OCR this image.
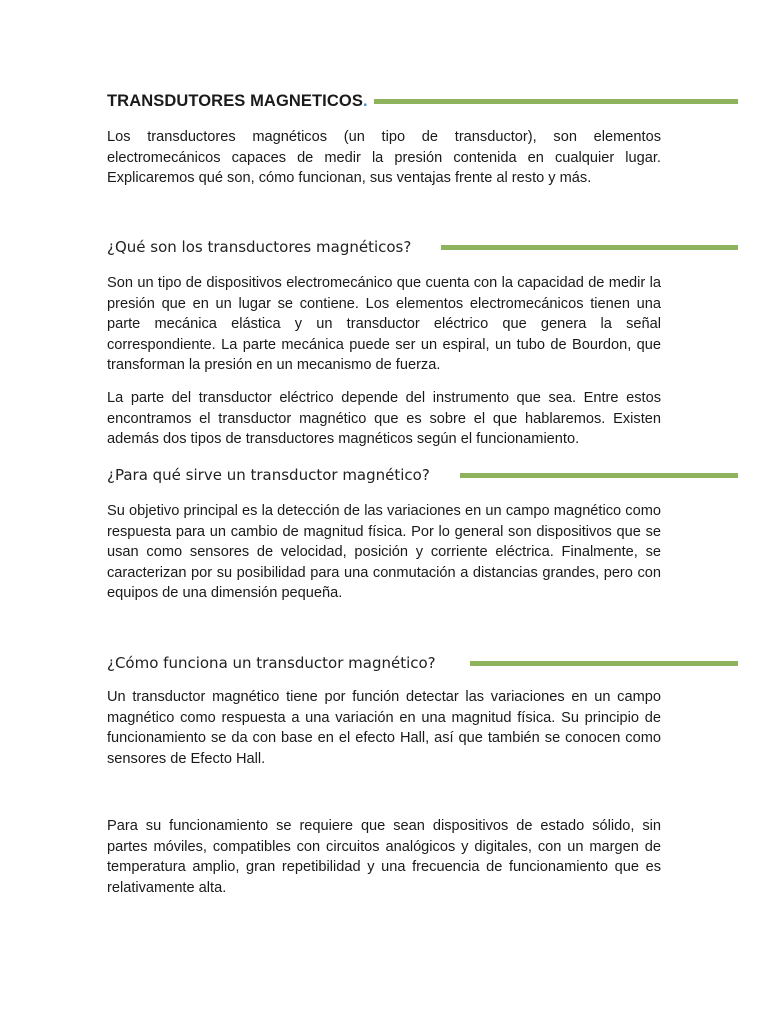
TRANSDUTORES MAGNETICOS.

Los transductores magnéticos (un tipo de transductor), son elementos electromecánicos capaces de medir la presión contenida en cualquier lugar. Explicaremos qué son, cómo funcionan, sus ventajas frente al resto y más.

¿Qué son los transductores magnéticos?

Son un tipo de dispositivos electromecánico que cuenta con la capacidad de medir la presión que en un lugar se contiene. Los elementos electromecánicos tienen una parte mecánica elástica y un transductor eléctrico que genera la señal correspondiente. La parte mecánica puede ser un espiral, un tubo de Bourdon, que transforman la presión en un mecanismo de fuerza.

La parte del transductor eléctrico depende del instrumento que sea. Entre estos encontramos el transductor magnético que es sobre el que hablaremos. Existen además dos tipos de transductores magnéticos según el funcionamiento.

¿Para qué sirve un transductor magnético?

Su objetivo principal es la detección de las variaciones en un campo magnético como respuesta para un cambio de magnitud física. Por lo general son dispositivos que se usan como sensores de velocidad, posición y corriente eléctrica. Finalmente, se caracterizan por su posibilidad para una conmutación a distancias grandes, pero con equipos de una dimensión pequeña.

¿Cómo funciona un transductor magnético?

Un transductor magnético tiene por función detectar las variaciones en un campo magnético como respuesta a una variación en una magnitud física. Su principio de funcionamiento se da con base en el efecto Hall, así que también se conocen como sensores de Efecto Hall.

Para su funcionamiento se requiere que sean dispositivos de estado sólido, sin partes móviles, compatibles con circuitos analógicos y digitales, con un margen de temperatura amplio, gran repetibilidad y una frecuencia de funcionamiento que es relativamente alta.
